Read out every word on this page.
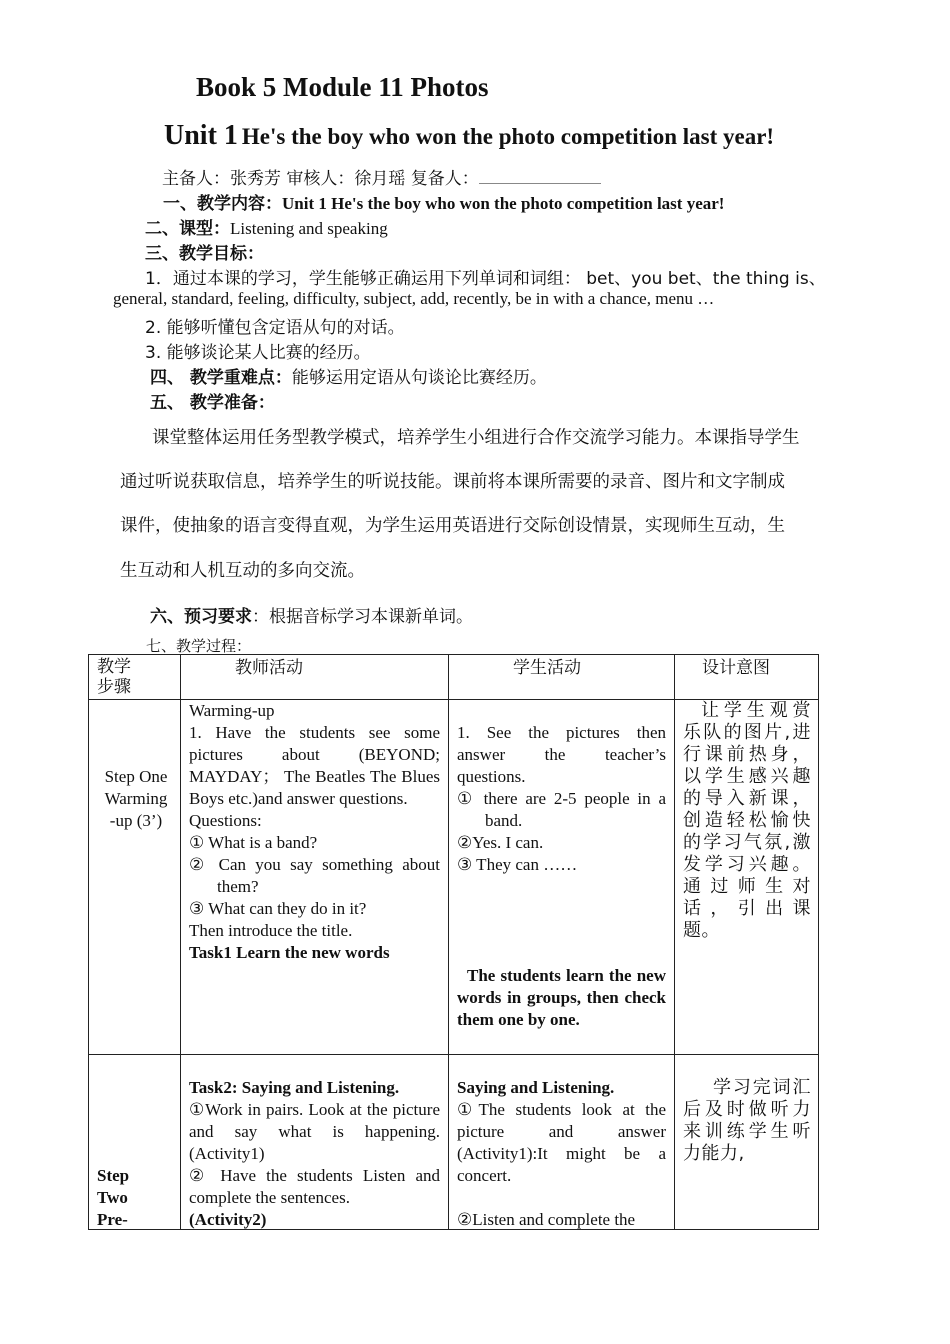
Book 5 Module 11 Photos
Unit 1 He's the boy who won the photo competition last year!
主备人：张秀芳 审核人：徐月瑶 复备人：
一、教学内容：Unit 1 He's the boy who won the photo competition last year!
二、课型：Listening and speaking
三、教学目标：
1．通过本课的学习，学生能够正确运用下列单词和词组： bet、you bet、the thing is、
general, standard, feeling, difficulty, subject, add, recently, be in with a chance, menu …
2. 能够听懂包含定语从句的对话。
3. 能够谈论某人比赛的经历。
四、 教学重难点：能够运用定语从句谈论比赛经历。
五、 教学准备：
课堂整体运用任务型教学模式，培养学生小组进行合作交流学习能力。本课指导学生
通过听说获取信息，培养学生的听说技能。课前将本课所需要的录音、图片和文字制成
课件，使抽象的语言变得直观，为学生运用英语进行交际创设情景，实现师生互动，生
生互动和人机互动的多向交流。
六、预习要求：根据音标学习本课新单词。
七、教学过程：
教学
步骤
教师活动	学生活动	设计意图
Step One
Warming
-up (3’)

Warming-up

1. Have the students see some pictures about (BEYOND; MAYDAY； The Beatles The Blues Boys etc.)and answer questions.

Questions:

① What is a band?

② Can you say something about them?

③ What can they do in it?

Then introduce the title.

Task1 Learn the new words

1. See the pictures then answer the teacher’s questions.

① there are 2-5 people in a band.

②Yes. I can.

③ They can ……

The students learn the new words in groups, then check them one by one.
让学生观赏乐队的图片,进行课前热身，以学生感兴趣的导入新课，创造轻松愉快的学习气氛,激发学习兴趣。通过师生对话，引出课题。
Step
Two
Pre-

Task2: Saying and Listening.

①Work in pairs. Look at the picture and say what is happening.(Activity1)

② Have the students Listen and complete the sentences.
(Activity2)

Saying and Listening.

①The students look at the picture and answer (Activity1):It might be a concert.

②Listen and complete the

学习完词汇后及时做听力来训练学生听力能力,
